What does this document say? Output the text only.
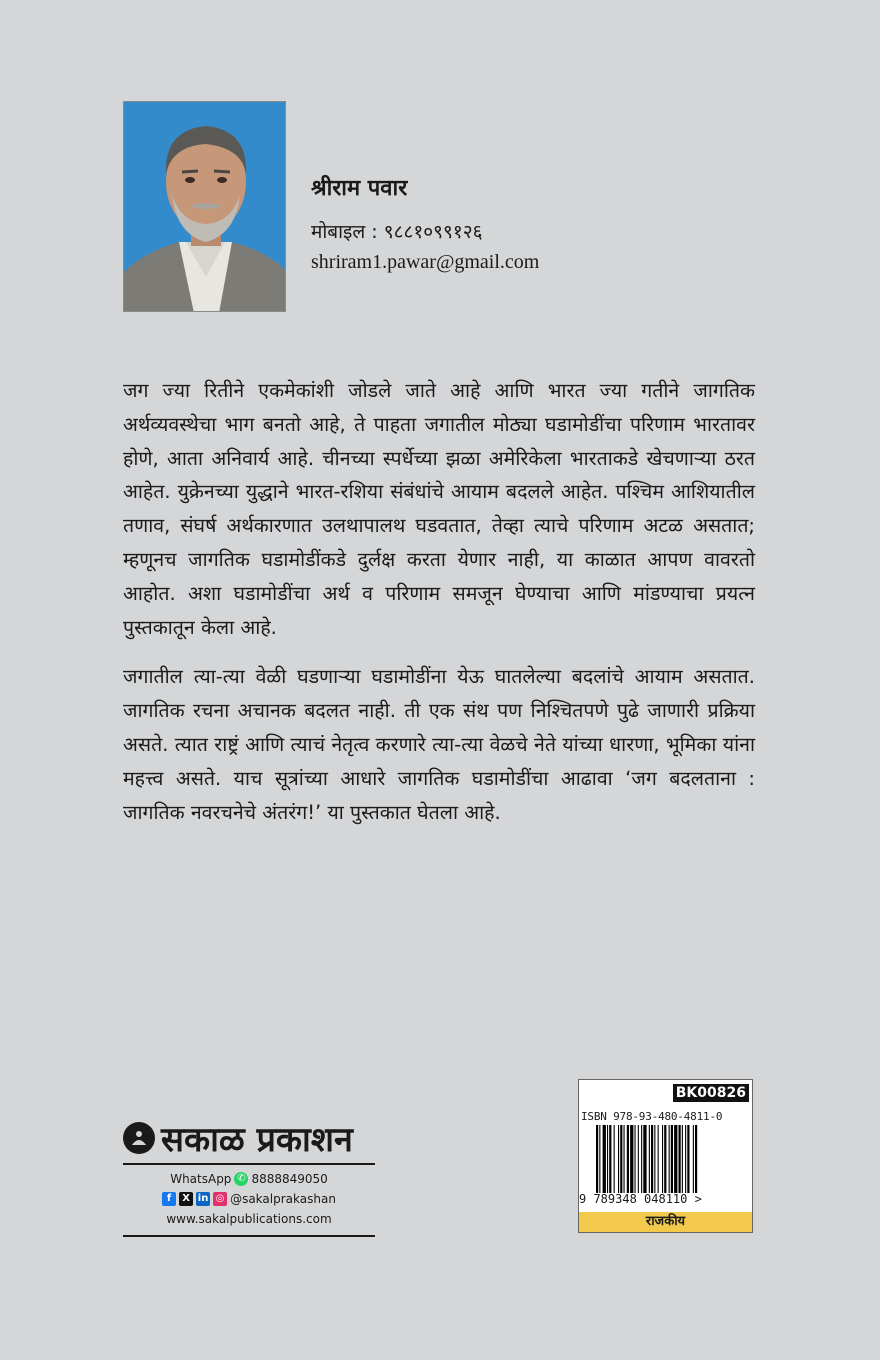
श्रीराम पवार

मोबाइल : ९८८१०९९१२६

shriram1.pawar@gmail.com

जग ज्या रितीने एकमेकांशी जोडले जाते आहे आणि भारत ज्या गतीने जागतिक अर्थव्यवस्थेचा भाग बनतो आहे, ते पाहता जगातील मोठ्या घडामोडींचा परिणाम भारतावर होणे, आता अनिवार्य आहे. चीनच्या स्पर्धेच्या झळा अमेरिकेला भारताकडे खेचणाऱ्या ठरत आहेत. युक्रेनच्या युद्धाने भारत-रशिया संबंधांचे आयाम बदलले आहेत. पश्चिम आशियातील तणाव, संघर्ष अर्थकारणात उलथापालथ घडवतात, तेव्हा त्याचे परिणाम अटळ असतात; म्हणूनच जागतिक घडामोडींकडे दुर्लक्ष करता येणार नाही, या काळात आपण वावरतो आहोत. अशा घडामोडींचा अर्थ व परिणाम समजून घेण्याचा आणि मांडण्याचा प्रयत्न पुस्तकातून केला आहे.

जगातील त्या-त्या वेळी घडणाऱ्या घडामोडींना येऊ घातलेल्या बदलांचे आयाम असतात. जागतिक रचना अचानक बदलत नाही. ती एक संथ पण निश्चितपणे पुढे जाणारी प्रक्रिया असते. त्यात राष्ट्रं आणि त्याचं नेतृत्व करणारे त्या-त्या वेळचे नेते यांच्या धारणा, भूमिका यांना महत्त्व असते. याच सूत्रांच्या आधारे जागतिक घडामोडींचा आढावा ‘जग बदलताना : जागतिक नवरचनेचे अंतरंग!’ या पुस्तकात घेतला आहे.

सकाळ प्रकाशन
WhatsApp ✆ 8888849050
f	X in ◎ @sakalprakashan
www.sakalpublications.com
BK00826
ISBN 978-93-480-4811-0
9 789348 048110 >
राजकीय
